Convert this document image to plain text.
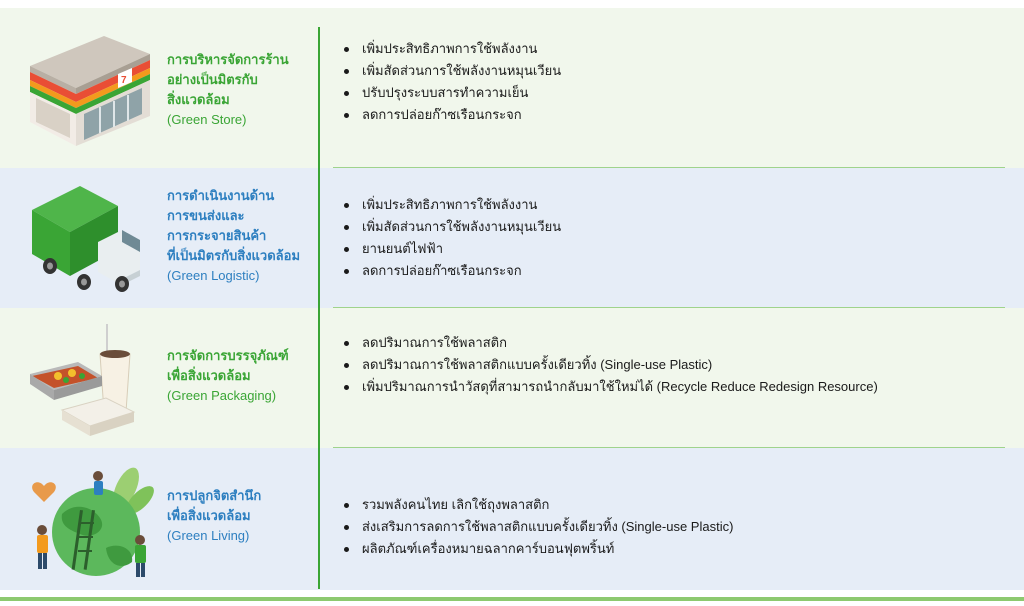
7
การบริหารจัดการร้าน
อย่างเป็นมิตรกับ
สิ่งแวดล้อม
(Green Store)
เพิ่มประสิทธิภาพการใช้พลังงาน
เพิ่มสัดส่วนการใช้พลังงานหมุนเวียน
ปรับปรุงระบบสารทำความเย็น
ลดการปล่อยก๊าซเรือนกระจก
การดำเนินงานด้าน
การขนส่งและ
การกระจายสินค้า
ที่เป็นมิตรกับสิ่งแวดล้อม
(Green Logistic)
เพิ่มประสิทธิภาพการใช้พลังงาน
เพิ่มสัดส่วนการใช้พลังงานหมุนเวียน
ยานยนต์ไฟฟ้า
ลดการปล่อยก๊าซเรือนกระจก
การจัดการบรรจุภัณฑ์
เพื่อสิ่งแวดล้อม
(Green Packaging)
ลดปริมาณการใช้พลาสติก
ลดปริมาณการใช้พลาสติกแบบครั้งเดียวทิ้ง (Single-use Plastic)
เพิ่มปริมาณการนำวัสดุที่สามารถนำกลับมาใช้ใหม่ได้ (Recycle Reduce Redesign Resource)
การปลูกจิตสำนึก
เพื่อสิ่งแวดล้อม
(Green Living)
รวมพลังคนไทย เลิกใช้ถุงพลาสติก
ส่งเสริมการลดการใช้พลาสติกแบบครั้งเดียวทิ้ง (Single-use Plastic)
ผลิตภัณฑ์เครื่องหมายฉลากคาร์บอนฟุตพริ้นท์
